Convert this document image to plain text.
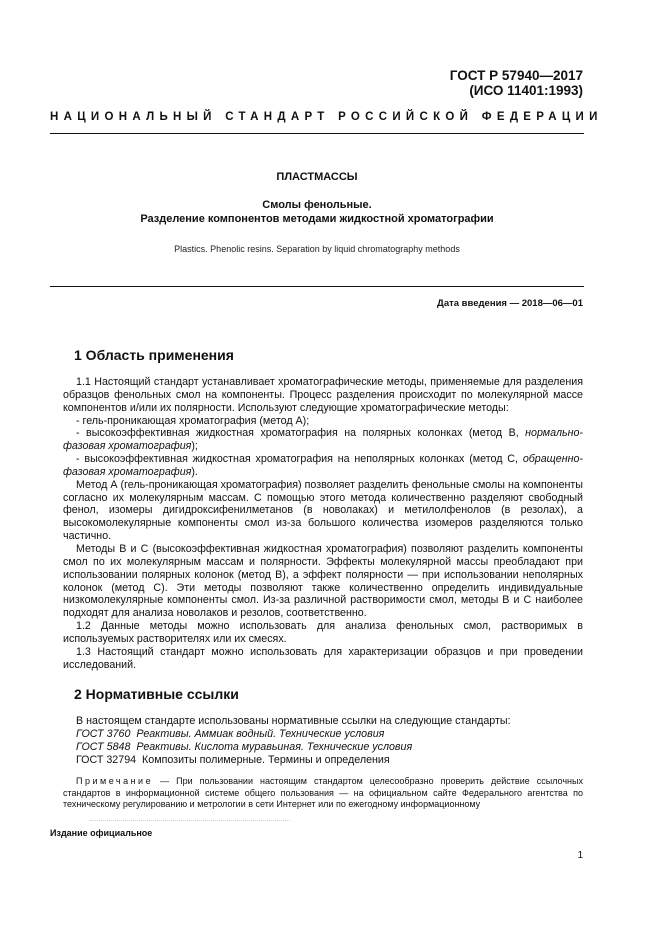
ГОСТ Р 57940—2017
(ИСО 11401:1993)
НАЦИОНАЛЬНЫЙ СТАНДАРТ РОССИЙСКОЙ ФЕДЕРАЦИИ
ПЛАСТМАССЫ
Смолы фенольные.
Разделение компонентов методами жидкостной хроматографии
Plastics. Phenolic resins. Separation by liquid chromatography methods
Дата введения — 2018—06—01
1 Область применения

1.1 Настоящий стандарт устанавливает хроматографические методы, применяемые для разделения образцов фенольных смол на компоненты. Процесс разделения происходит по молекулярной массе компонентов и/или их полярности. Используют следующие хроматографические методы:

- гель-проникающая хроматография (метод А);

- высокоэффективная жидкостная хроматография на полярных колонках (метод В, нормально-фазовая хроматография);

- высокоэффективная жидкостная хроматография на неполярных колонках (метод С, обращенно-фазовая хроматография).

Метод А (гель-проникающая хроматография) позволяет разделить фенольные смолы на компоненты согласно их молекулярным массам. С помощью этого метода количественно разделяют свободный фенол, изомеры дигидроксифенилметанов (в новолаках) и метилолфенолов (в резолах), а высокомолекулярные компоненты смол из-за большого количества изомеров разделяются только частично.

Методы В и С (высокоэффективная жидкостная хроматография) позволяют разделить компоненты смол по их молекулярным массам и полярности. Эффекты молекулярной массы преобладают при использовании полярных колонок (метод В), а эффект полярности — при использовании неполярных колонок (метод С). Эти методы позволяют также количественно определить индивидуальные низкомолекулярные компоненты смол. Из-за различной растворимости смол, методы В и С наиболее подходят для анализа новолаков и резолов, соответственно.

1.2 Данные методы можно использовать для анализа фенольных смол, растворимых в используемых растворителях или их смесях.

1.3 Настоящий стандарт можно использовать для характеризации образцов и при проведении исследований.

2 Нормативные ссылки
В настоящем стандарте использованы нормативные ссылки на следующие стандарты:
ГОСТ 3760 Реактивы. Аммиак водный. Технические условия
ГОСТ 5848 Реактивы. Кислота муравьиная. Технические условия
ГОСТ 32794 Композиты полимерные. Термины и определения

Примечание — При пользовании настоящим стандартом целесообразно проверить действие ссылочных стандартов в информационной системе общего пользования — на официальном сайте Федерального агентства по техническому регулированию и метрологии в сети Интернет или по ежегодному информационному

Издание официальное
1
